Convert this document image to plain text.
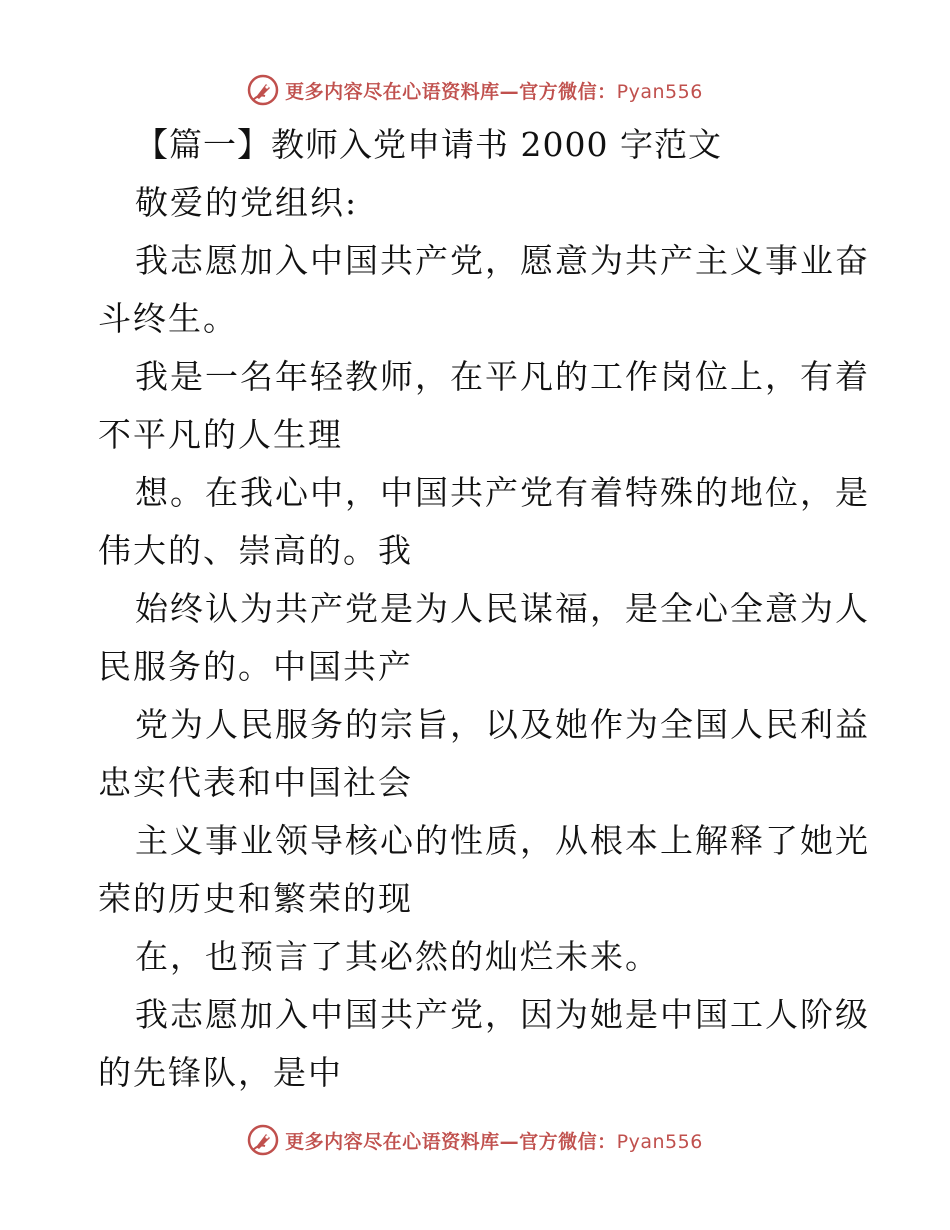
更多内容尽在心语资料库—官方微信：Pyan556
【篇一】教师入党申请书 2000 字范文
敬爱的党组织:
我志愿加入中国共产党，愿意为共产主义事业奋
斗终生。
我是一名年轻教师，在平凡的工作岗位上，有着
不平凡的人生理
想。在我心中，中国共产党有着特殊的地位，是
伟大的、崇高的。我
始终认为共产党是为人民谋福，是全心全意为人
民服务的。中国共产
党为人民服务的宗旨，以及她作为全国人民利益
忠实代表和中国社会
主义事业领导核心的性质，从根本上解释了她光
荣的历史和繁荣的现
在，也预言了其必然的灿烂未来。
我志愿加入中国共产党，因为她是中国工人阶级
的先锋队，是中
更多内容尽在心语资料库—官方微信：Pyan556
